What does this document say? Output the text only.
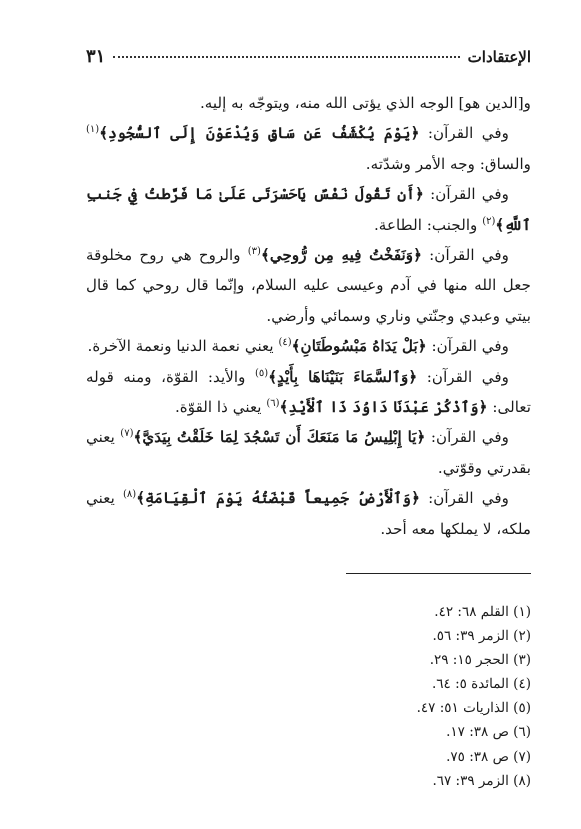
الإعتقادات
٣١

و[الدين هو] الوجه الذي يؤتى الله منه، ويتوجّه به إليه.

وفي القرآن: ﴿يَوْمَ يُكْشَفُ عَن سَاقٍ وَيُدْعَوْنَ إِلَى ٱلسُّجُودِ﴾$^{(١)}$ والساق: وجه الأمر وشدّته.

وفي القرآن: ﴿أَن تَقُولَ نَفْسٌ يَاحَسْرَتَى عَلَىٰ مَا فَرَّطتُ فِي جَنبِ ٱللَّهِ﴾$^{(٢)}$ والجنب: الطاعة.

وفي القرآن: ﴿وَنَفَخْتُ فِيهِ مِن رُّوحِي﴾$^{(٣)}$ والروح هي روح مخلوقة جعل الله منها في آدم وعيسى عليه السلام، وإنّما قال روحي كما قال بيتي وعبدي وجنّتي وناري وسمائي وأرضي.

وفي القرآن: ﴿بَلْ يَدَاهُ مَبْسُوطَتَانِ﴾$^{(٤)}$ يعني نعمة الدنيا ونعمة الآخرة.

وفي القرآن: ﴿وَٱلسَّمَاءَ بَنَيْنَاهَا بِأَيْدٍ﴾$^{(٥)}$ والأيد: القوّة، ومنه قوله تعالى: ﴿وَٱذْكُرْ عَبْدَنَا دَاوُدَ ذَا ٱلْأَيْدِ﴾$^{(٦)}$ يعني ذا القوّة.

وفي القرآن: ﴿يَا إِبْلِيسُ مَا مَنَعَكَ أَن تَسْجُدَ لِمَا خَلَقْتُ بِيَدَيَّ﴾$^{(٧)}$ يعني بقدرتي وقوّتي.

وفي القرآن: ﴿وَٱلْأَرْضُ جَمِيعاً قَبْضَتُهُ يَوْمَ ٱلْقِيَامَةِ﴾$^{(٨)}$ يعني ملكه، لا يملكها معه أحد.

(١) القلم ٦٨: ٤٢.
(٢) الزمر ٣٩: ٥٦.
(٣) الحجر ١٥: ٢٩.
(٤) المائدة ٥: ٦٤.
(٥) الذاريات ٥١: ٤٧.
(٦) ص ٣٨: ١٧.
(٧) ص ٣٨: ٧٥.
(٨) الزمر ٣٩: ٦٧.
